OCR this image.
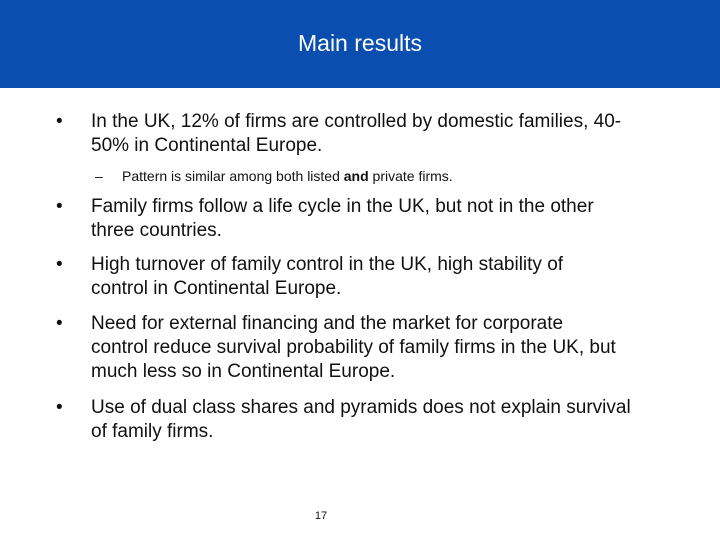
Main results
• In the UK, 12% of firms are controlled by domestic families, 40-
50% in Continental Europe.
– Pattern is similar among both listed and private firms.
• Family firms follow a life cycle in the UK, but not in the other
three countries.
• High turnover of family control in the UK, high stability of
control in Continental Europe.
• Need for external financing and the market for corporate
control reduce survival probability of family firms in the UK, but
much less so in Continental Europe.
• Use of dual class shares and pyramids does not explain survival
of family firms.
17
